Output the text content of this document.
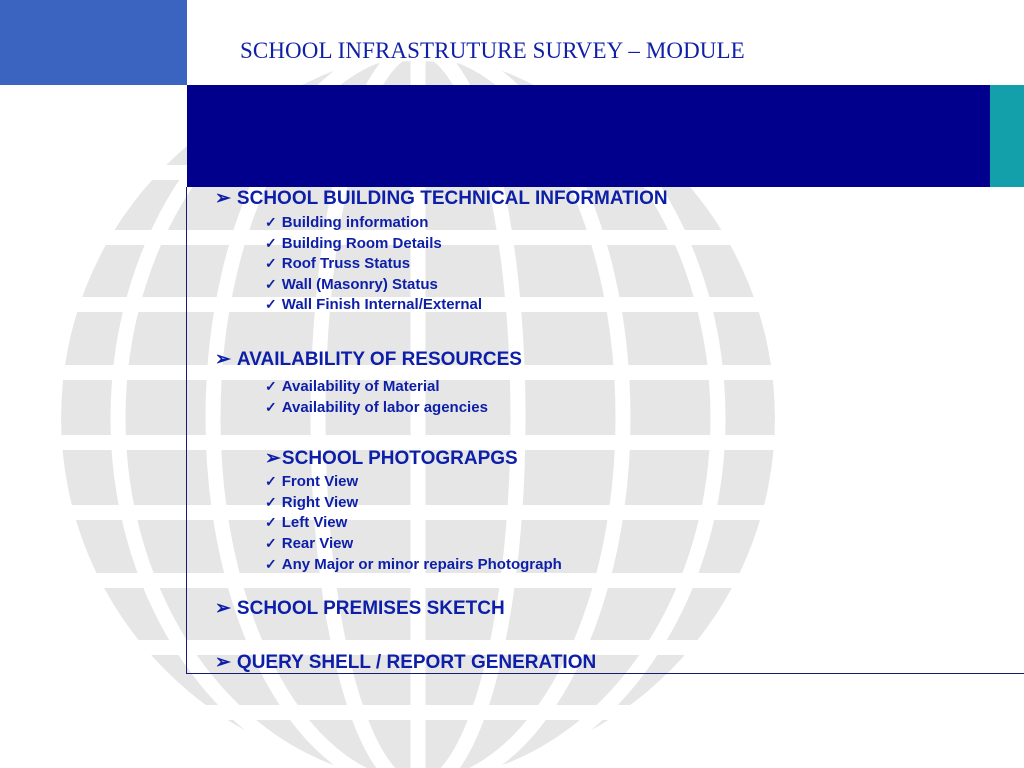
SCHOOL INFRASTRUTURE SURVEY – MODULE
➢ SCHOOL BUILDING TECHNICAL INFORMATION
✓ Building information
✓ Building Room Details
✓ Roof Truss Status
✓ Wall (Masonry) Status
✓ Wall Finish Internal/External
➢ AVAILABILITY OF RESOURCES
✓ Availability of Material
✓ Availability of labor agencies
➢SCHOOL PHOTOGRAPGS
✓ Front View
✓ Right View
✓ Left View
✓ Rear View
✓ Any Major or minor repairs Photograph
➢ SCHOOL PREMISES SKETCH
➢ QUERY SHELL / REPORT GENERATION
